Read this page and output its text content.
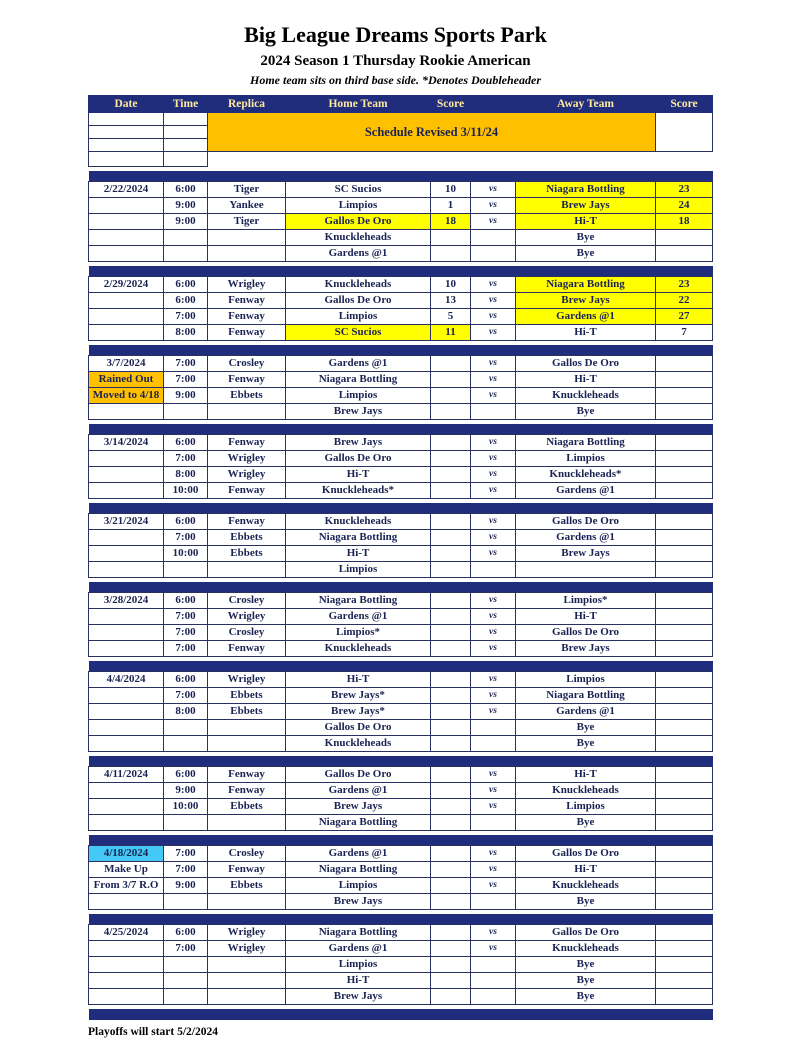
Big League Dreams Sports Park
2024 Season 1 Thursday Rookie American
Home team sits on third base side. *Denotes Doubleheader
Date	Time	Replica	Home Team	Score		Away Team	Score
		Schedule Revised 3/11/24					

2/22/2024	6:00	Tiger	SC Sucios	10	vs	Niagara Bottling	23
	9:00	Yankee	Limpios	1	vs	Brew Jays	24
	9:00	Tiger	Gallos De Oro	18	vs	Hi-T	18
			Knuckleheads			Bye	
			Gardens @1			Bye	

2/29/2024	6:00	Wrigley	Knuckleheads	10	vs	Niagara Bottling	23
	6:00	Fenway	Gallos De Oro	13	vs	Brew Jays	22
	7:00	Fenway	Limpios	5	vs	Gardens @1	27
	8:00	Fenway	SC Sucios	11	vs	Hi-T	7

3/7/2024	7:00	Crosley	Gardens @1		vs	Gallos De Oro	
Rained Out	7:00	Fenway	Niagara Bottling		vs	Hi-T	
Moved to 4/18	9:00	Ebbets	Limpios		vs	Knuckleheads	
			Brew Jays			Bye	

3/14/2024	6:00	Fenway	Brew Jays		vs	Niagara Bottling	
	7:00	Wrigley	Gallos De Oro		vs	Limpios	
	8:00	Wrigley	Hi-T		vs	Knuckleheads*	
	10:00	Fenway	Knuckleheads*		vs	Gardens @1	

3/21/2024	6:00	Fenway	Knuckleheads		vs	Gallos De Oro	
	7:00	Ebbets	Niagara Bottling		vs	Gardens @1	
	10:00	Ebbets	Hi-T		vs	Brew Jays	
			Limpios				

3/28/2024	6:00	Crosley	Niagara Bottling		vs	Limpios*	
	7:00	Wrigley	Gardens @1		vs	Hi-T	
	7:00	Crosley	Limpios*		vs	Gallos De Oro	
	7:00	Fenway	Knuckleheads		vs	Brew Jays	

4/4/2024	6:00	Wrigley	Hi-T		vs	Limpios	
	7:00	Ebbets	Brew Jays*		vs	Niagara Bottling	
	8:00	Ebbets	Brew Jays*		vs	Gardens @1	
			Gallos De Oro			Bye	
			Knuckleheads			Bye	

4/11/2024	6:00	Fenway	Gallos De Oro		vs	Hi-T	
	9:00	Fenway	Gardens @1		vs	Knuckleheads	
	10:00	Ebbets	Brew Jays		vs	Limpios	
			Niagara Bottling			Bye	

4/18/2024	7:00	Crosley	Gardens @1		vs	Gallos De Oro	
Make Up	7:00	Fenway	Niagara Bottling		vs	Hi-T	
From 3/7 R.O	9:00	Ebbets	Limpios		vs	Knuckleheads	
			Brew Jays			Bye	

4/25/2024	6:00	Wrigley	Niagara Bottling		vs	Gallos De Oro	
	7:00	Wrigley	Gardens @1		vs	Knuckleheads	
			Limpios			Bye	
			Hi-T			Bye	
			Brew Jays			Bye	

Playoffs will start 5/2/2024
